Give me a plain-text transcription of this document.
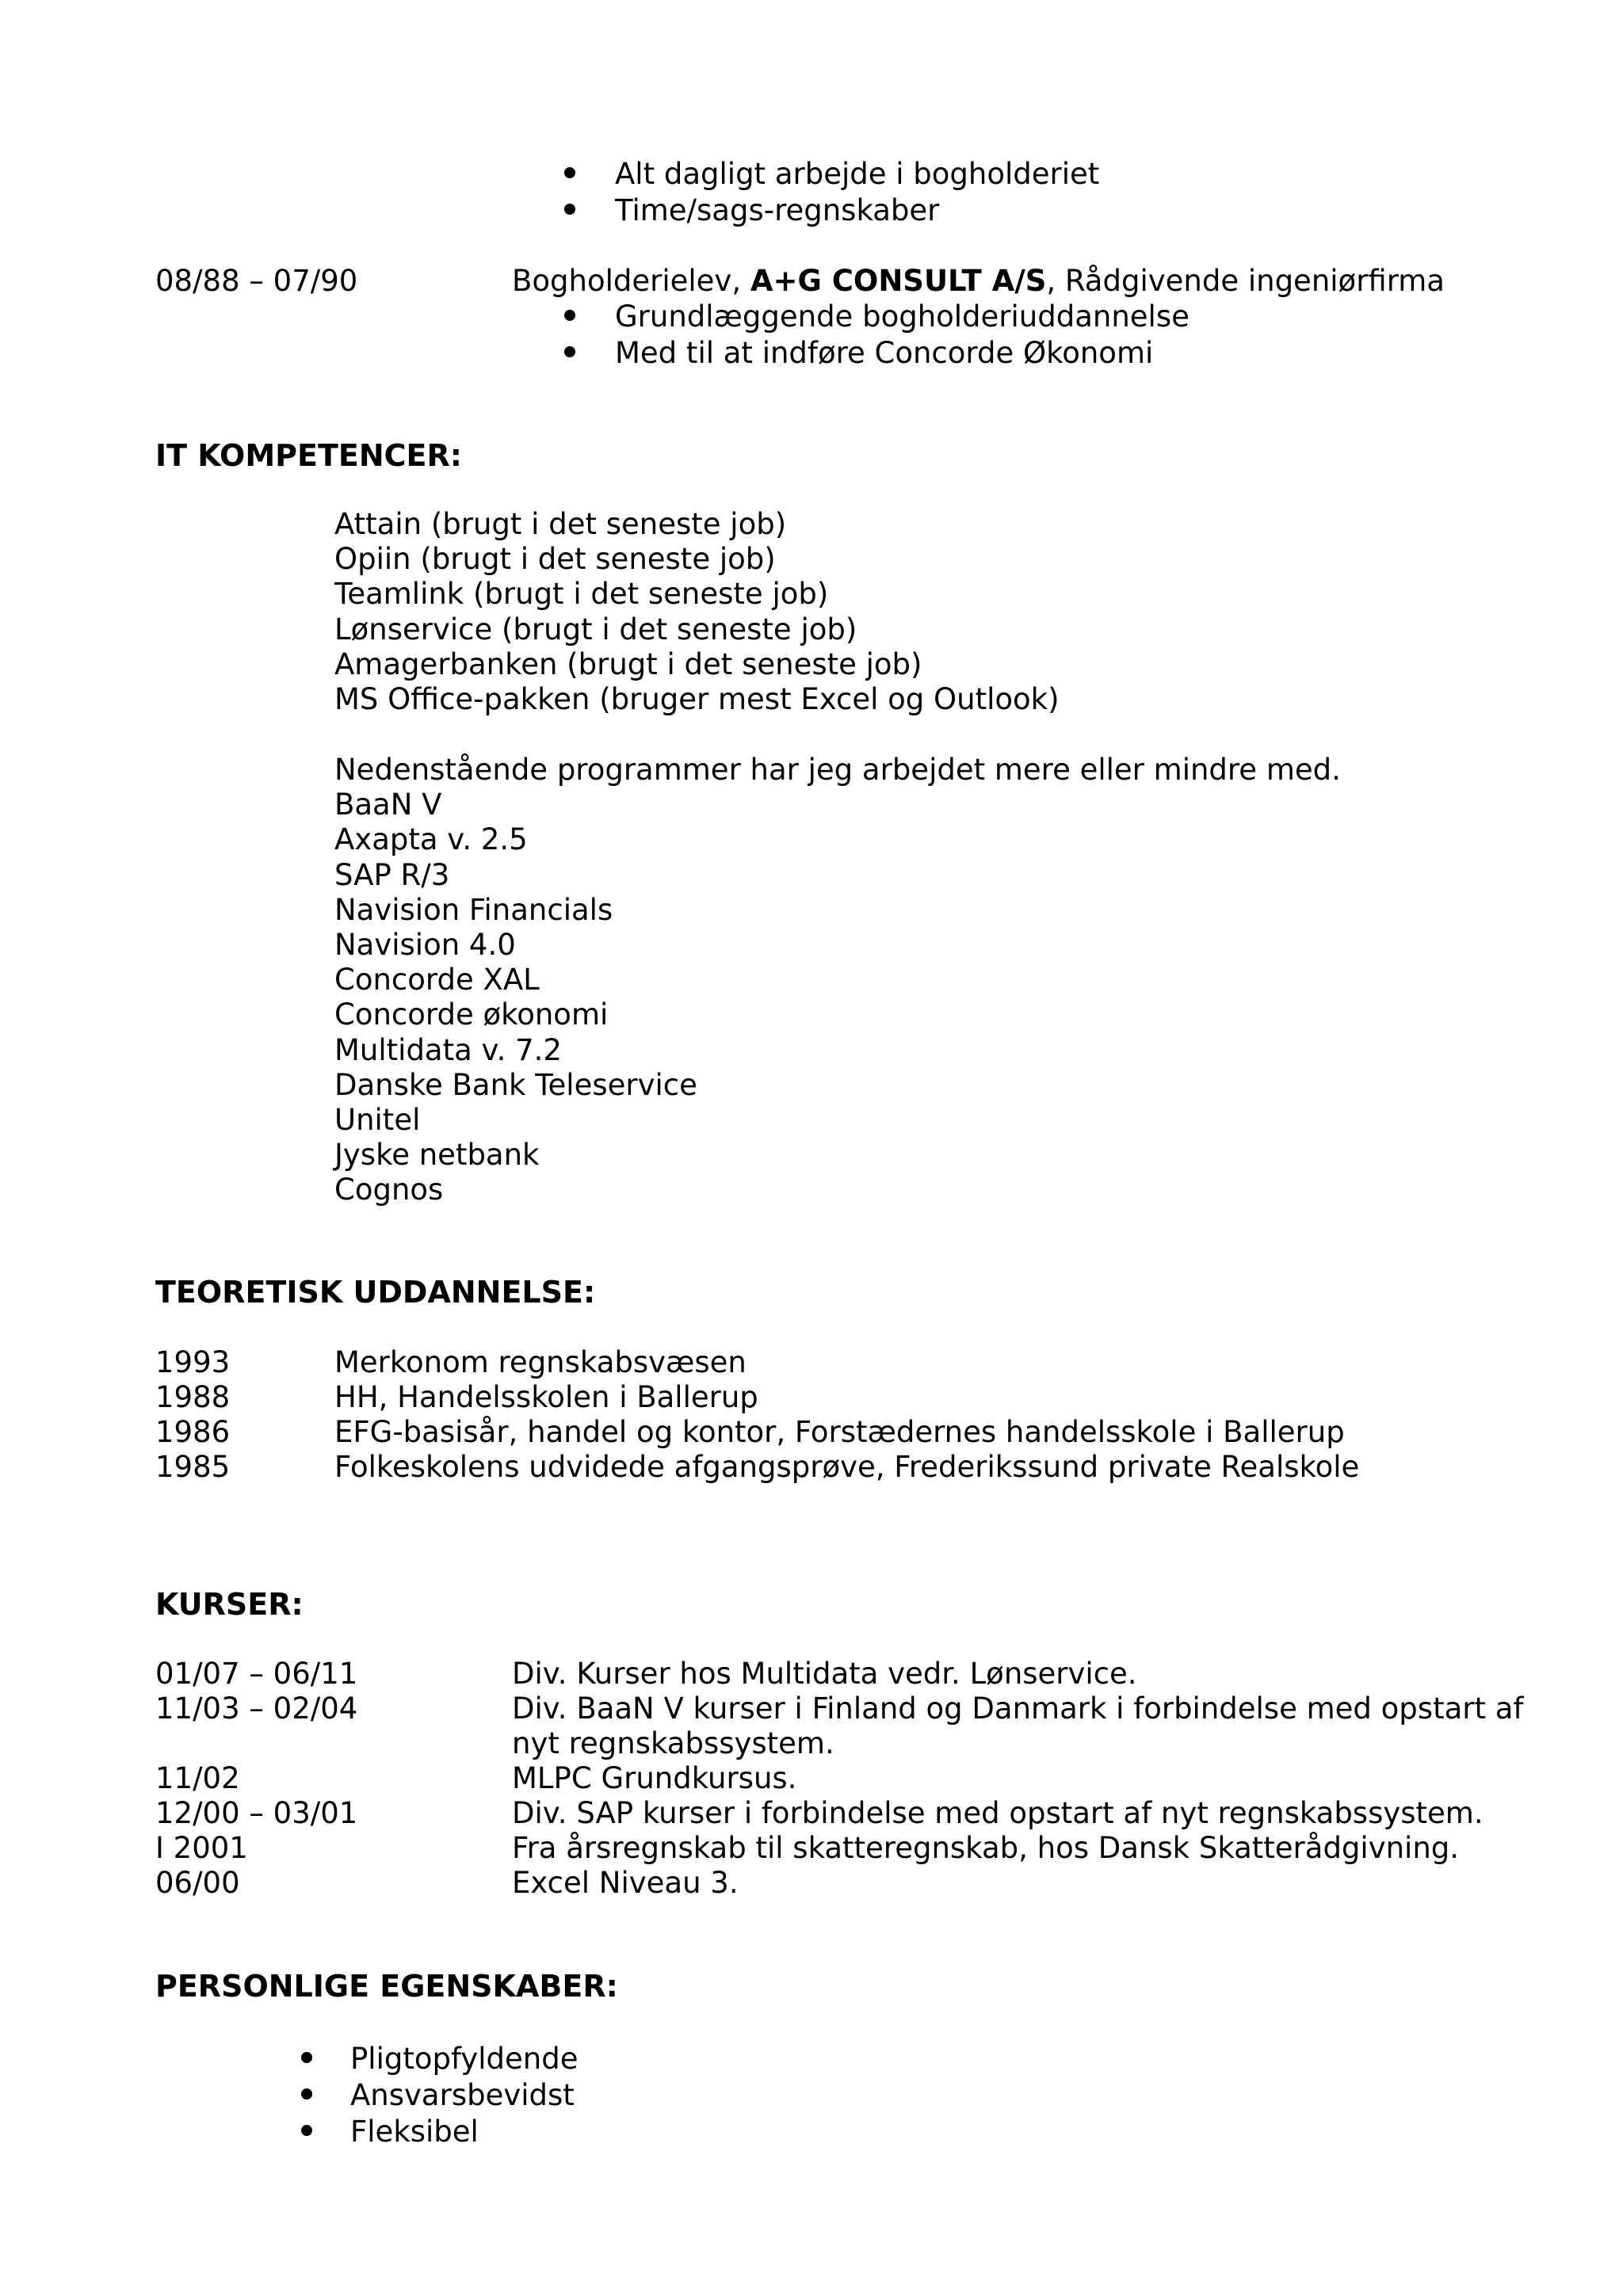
Alt dagligt arbejde i bogholderiet
Time/sags-regnskaber
08/88 – 07/90	Bogholderielev, A+G CONSULT A/S, Rådgivende ingeniørfirma
Grundlæggende bogholderiuddannelse
Med til at indføre Concorde Økonomi
IT KOMPETENCER:
Attain (brugt i det seneste job)
Opiin (brugt i det seneste job)
Teamlink (brugt i det seneste job)
Lønservice (brugt i det seneste job)
Amagerbanken (brugt i det seneste job)
MS Office-pakken (bruger mest Excel og Outlook)
Nedenstående programmer har jeg arbejdet mere eller mindre med.
BaaN V
Axapta v. 2.5
SAP R/3
Navision Financials
Navision 4.0
Concorde XAL
Concorde økonomi
Multidata v. 7.2
Danske Bank Teleservice
Unitel
Jyske netbank
Cognos
TEORETISK UDDANNELSE:
1993	Merkonom regnskabsvæsen
1988	HH, Handelsskolen i Ballerup
1986	EFG-basisår, handel og kontor, Forstædernes handelsskole i Ballerup
1985	Folkeskolens udvidede afgangsprøve, Frederikssund private Realskole
KURSER:
01/07 – 06/11	Div. Kurser hos Multidata vedr. Lønservice.
11/03 – 02/04	Div. BaaN V kurser i Finland og Danmark i forbindelse med opstart af
nyt regnskabssystem.
11/02	MLPC Grundkursus.
12/00 – 03/01	Div. SAP kurser i forbindelse med opstart af nyt regnskabssystem.
I 2001	Fra årsregnskab til skatteregnskab, hos Dansk Skatterådgivning.
06/00	Excel Niveau 3.
PERSONLIGE EGENSKABER:
Pligtopfyldende
Ansvarsbevidst
Fleksibel
